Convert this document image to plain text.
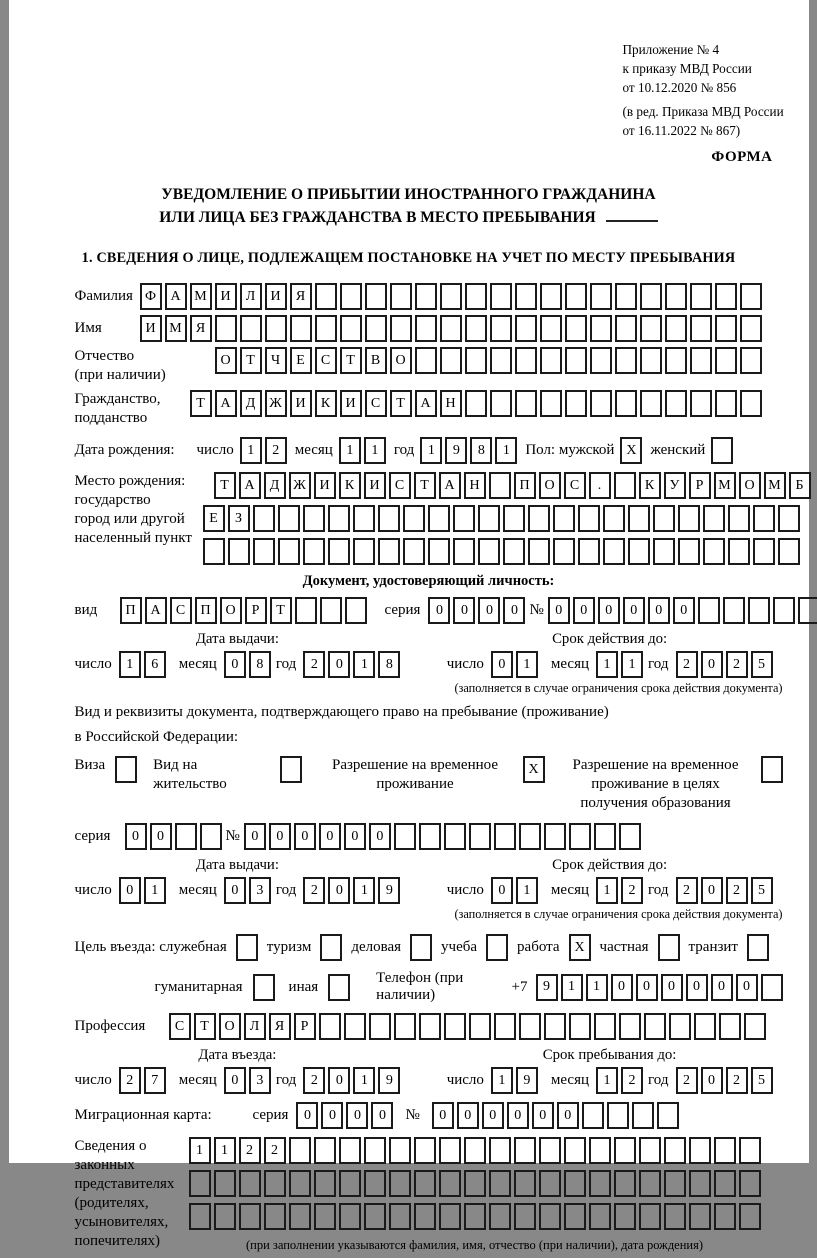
Приложение № 4
к приказу МВД России
от 10.12.2020 № 856
(в ред. Приказа МВД России
от 16.11.2022 № 867)
ФОРМА
УВЕДОМЛЕНИЕ О ПРИБЫТИИ ИНОСТРАННОГО ГРАЖДАНИНА
ИЛИ ЛИЦА БЕЗ ГРАЖДАНСТВА В МЕСТО ПРЕБЫВАНИЯ
1. СВЕДЕНИЯ О ЛИЦЕ, ПОДЛЕЖАЩЕМ ПОСТАНОВКЕ НА УЧЕТ ПО МЕСТУ ПРЕБЫВАНИЯ
Фамилия Ф	А М И	Л	И	Я
Имя	И М	Я
Отчество
(при наличии)
О	Т	Ч	Е	С	Т	В	О
Гражданство,
подданство
Т	А	Д Ж И	К	И	С	Т	А	Н
Дата рождения:	число 1	2	месяц 1	1	год 1	9	8	1	Пол: мужской X женский
Место рождения:
государство
город или другой
населенный пункт
Т	А	Д Ж И	К	И	С	Т	А	Н	П	О	С	.	К	У	Р	М О М	Б
Е	З
Документ, удостоверяющий личность:
вид	П	А	С	П	О	Р	Т	серия	0	0	0	0 № 0	0	0	0	0	0
Дата выдачи:
число	1	6	месяц	0	8 год	2	0	1	8
Срок действия до:
число	0	1	месяц	1	1 год	2	0	2	5
(заполняется в случае ограничения срока действия документа)
Вид и реквизиты документа, подтверждающего право на пребывание (проживание)
в Российской Федерации:
Виза	Вид на жительство
Разрешение на временное
проживание
X	Разрешение на временное
проживание в целях
получения образования
серия	0	0	№ 0	0	0	0	0	0
Дата выдачи:
число	0	1	месяц	0	3 год	2	0	1	9
Срок действия до:
число	0	1	месяц	1	2 год	2	0	2	5
(заполняется в случае ограничения срока действия документа)
Цель въезда: служебная	туризм	деловая	учеба	работа	X частная	транзит
гуманитарная	иная
Телефон (при наличии)
+7	9	1	1	0	0	0	0	0	0
Профессия	С	Т	О	Л	Я	Р
Дата въезда:
число	2	7	месяц	0	3 год	2	0	1	9
Срок пребывания до:
число	1	9	месяц	1	2 год	2	0	2	5
Миграционная карта:	серия	0	0	0	0	№	0	0	0	0	0	0
Сведения о
законных
представителях
(родителях,
усыновителях,
попечителях)
1	1	2	2
(при заполнении указываются фамилия, имя, отчество (при наличии), дата рождения)
